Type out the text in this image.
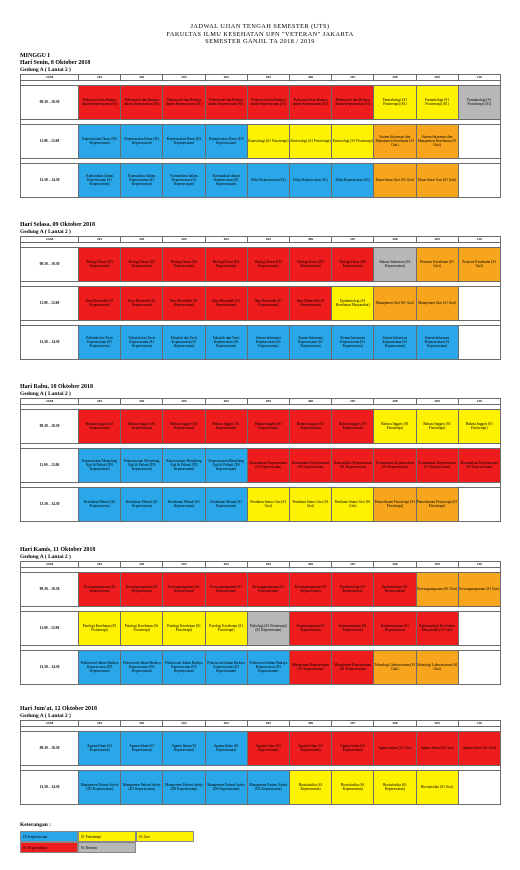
JADWAL UJIAN TENGAH SEMESTER (UTS)
FAKULTAS ILMU KESEHATAN UPN "VETERAN" JAKARTA
SEMESTER GANJIL TA 2018 / 2019
MINGGU I
Hari Senin, 8 Oktober 2018
Gedung A ( Lantai 2 )
JAM	201	202	203	204	205	206	207	208	209	210

09.30 – 10.30	Psikososial dan Budaya dalam Keperawatan (S1)	Psikososial dan Budaya dalam Keperawatan (S1)	Psikososial dan Budaya dalam Keperawatan (S1)	Psikososial dan Budaya dalam Keperawatan (S1)	Psikososial dan Budaya dalam Keperawatan (S1)	Psikososial dan Budaya dalam Keperawatan (S1)	Psikososial dan Budaya dalam Keperawatan (S1)	Farmakologi (S1 Fisioterapi) (S1)	Farmakologi (S1 Fisioterapi) (S1)	Farmakologi (S1 Fisioterapi) (S1)

11.00 – 12.00	Keperawatan Dasar (D3 Keperawatan)	Keperawatan Dasar (D3 Keperawatan)	Keperawatan Dasar (D3 Keperawatan)	Keperawatan Dasar (D3 Keperawatan)	Kinesiologi (S1 Fisioterapi)	Kinesiologi (S1 Fisioterapi)	Kinesiologi (S1 Fisioterapi)	Sistem Informasi dan Manajemen Kesehatan (S1 Gizi)	Sistem Informasi dan Manajemen Kesehatan (S1 Gizi)	

13.30 – 14.30	Komunikasi dalam Keperawatan (S1 Keperawatan)	Komunikasi dalam Keperawatan (S1 Keperawatan)	Komunikasi dalam Keperawatan (S1 Keperawatan)	Komunikasi dalam Keperawatan (S1 Keperawatan)	Etika Keperawatan (S1)	Etika Keperawatan (S1)	Etika Keperawatan (S1)	Dasar-dasar Gizi (S1 Gizi)	Dasar-dasar Gizi (S1 Gizi)	
Hari Selasa, 09 Oktober 2018
Gedung A ( Lantai 2 )
JAM	201	202	203	204	205	206	207	208	209	210

09.30 – 10.30	Biologi Dasar (D3 Keperawatan)	Biologi Dasar (D3 Keperawatan)	Biologi Dasar (D3 Keperawatan)	Biologi Dasar (D3 Keperawatan)	Biologi Dasar (D3 Keperawatan)	Biologi Dasar (D3 Keperawatan)	Biologi Dasar (D3 Keperawatan)	Bahasa Indonesia (S1 Keperawatan)	Promosi Kesehatan (S1 Gizi)	Promosi Kesehatan (S1 Gizi)

11.00 – 12.00	Ilmu Biomedik (S1 Keperawatan)	Ilmu Biomedik (S1 Keperawatan)	Ilmu Biomedik (S1 Keperawatan)	Ilmu Biomedik (S1 Keperawatan)	Ilmu Biomedik (S1 Keperawatan)	Ilmu Biomedik (S1 Keperawatan)	Epidemiologi (S1 Kesehatan Masyarakat)	Manajemen Gizi (S1 Gizi)	Manajemen Gizi (S1 Gizi)	

13.30 – 14.30	Falsafah dan Teori Keperawatan (S1 Keperawatan)	Falsafah dan Teori Keperawatan (S1 Keperawatan)	Falsafah dan Teori Keperawatan (S1 Keperawatan)	Falsafah dan Teori Keperawatan (S1 Keperawatan)	Sistem Informasi Keperawatan (S1 Keperawatan)	Sistem Informasi Keperawatan (S1 Keperawatan)	Sistem Informasi Keperawatan (S1 Keperawatan)	Sistem Informasi Keperawatan (S1 Keperawatan)	Sistem Informasi Keperawatan (S1 Keperawatan)	
Hari Rabu, 10 Oktober 2018
Gedung A ( Lantai 2 )
JAM	201	202	203	204	205	206	207	208	209	210

09.30 – 10.30	Bahasa Inggris (S1 Keperawatan)	Bahasa Inggris (S1 Keperawatan)	Bahasa Inggris (S1 Keperawatan)	Bahasa Inggris (S1 Keperawatan)	Bahasa Inggris (S1 Keperawatan)	Bahasa Inggris (S1 Keperawatan)	Bahasa Inggris (S1 Keperawatan)	Bahasa Inggris (S1 Fisioterapi)	Bahasa Inggris (S1 Fisioterapi)	Bahasa Inggris (S1 Fisioterapi)

11.00 – 12.00	Keperawatan Menjelang Ajal & Paliatif (D3 Keperawatan)	Keperawatan Menjelang Ajal & Paliatif (D3 Keperawatan)	Keperawatan Menjelang Ajal & Paliatif (D3 Keperawatan)	Keperawatan Menjelang Ajal & Paliatif (D3 Keperawatan)	Komunikasi Keperawatan (S1 Keperawatan)	Komunikasi Keperawatan (S1 Keperawatan)	Komunikasi Keperawatan (S1 Keperawatan)	Komunikasi Keperawatan (S1 Keperawatan)	Komunikasi Keperawatan (S1 Keperawatan)	Komunikasi Keperawatan (S1 Keperawatan)

13.30 – 14.30	Kesehatan Mental (S1 Keperawatan)	Kesehatan Mental (S1 Keperawatan)	Kesehatan Mental (S1 Keperawatan)	Kesehatan Mental (S1 Keperawatan)	Penilaian Status Gizi (S1 Gizi)	Penilaian Status Gizi (S1 Gizi)	Penilaian Status Gizi (S1 Gizi)	Pemeriksaan Fisioterapi (S1 Fisioterapi)	Pemeriksaan Fisioterapi (S1 Fisioterapi)	
Hari Kamis, 11 Oktober 2018
Gedung A ( Lantai 2 )
JAM	201	202	203	204	205	206	207	208	209	210

09.30 – 10.30	Kewarganegaraan (S1 Keperawatan)	Kewarganegaraan (S1 Keperawatan)	Kewarganegaraan (S1 Keperawatan)	Kewarganegaraan (S1 Keperawatan)	Kewarganegaraan (S1 Keperawatan)	Kewarganegaraan (S1 Keperawatan)	Epidemiologi (S1 Keperawatan)	Epidemiologi (S1 Keperawatan)	Kewarganegaraan (S1 Gizi)	Kewarganegaraan (S1 Gizi)

11.00 – 12.00	Patologi Kesehatan (S1 Fisioterapi)	Patologi Kesehatan (S1 Fisioterapi)	Patologi Kesehatan (S1 Fisioterapi)	Patologi Kesehatan (S1 Fisioterapi)	Psikologi (S1 Fisioterapi) (S1 Keperawatan)	Kepemimpinan (S1 Keperawatan)	Kepemimpinan (S1 Keperawatan)	Kepemimpinan (S1 Keperawatan)	Epidemiologi Kesehatan Masyarakat (S1 Gizi)	

13.30 – 14.30	Psikososial dalam Budaya Keperawatan (D3 Keperawatan)	Psikososial dalam Budaya Keperawatan (D3 Keperawatan)	Psikososial dalam Budaya Keperawatan (D3 Keperawatan)	Psikososial dalam Budaya Keperawatan (D3 Keperawatan)	Psikososial dalam Budaya Keperawatan (D3 Keperawatan)	Manajemen Keperawatan (S1 Keperawatan)	Manajemen Keperawatan (S1 Keperawatan)	Teknologi Laboratorium (S1 Gizi)	Teknologi Laboratorium (S1 Gizi)	
Hari Jum'at, 12 Oktober 2018
Gedung A ( Lantai 2 )
JAM	201	202	203	204	205	206	207	208	209	210

09.30 – 10.30	Agama Islam (S1 Keperawatan)	Agama Islam (S1 Keperawatan)	Agama Islam (S1 Keperawatan)	Agama Islam (S1 Keperawatan)	Agama Islam (S1 Keperawatan)	Agama Islam (S1 Keperawatan)	Agama Islam (S1 Keperawatan)	Agama Islam (S1 Gizi)	Agama Islam (S1 Gizi)	Agama Islam (S1 Gizi)

13.30 – 14.30	Manajemen Patient Safety (D3 Keperawatan)	Manajemen Patient Safety (D3 Keperawatan)	Manajemen Patient Safety (D3 Keperawatan)	Manajemen Patient Safety (D3 Keperawatan)	Manajemen Patient Safety (D3 Keperawatan)	Biostatistika (S1 Keperawatan)	Biostatistika (S1 Keperawatan)	Biostatistika (S1 Keperawatan)	Biostatistika (S1 Gizi)	
Keterangan :
D3 Keperawatan	S1 Fisioterapi	S1 Gizi
S1 Keperawatan	S1 Kesmas
